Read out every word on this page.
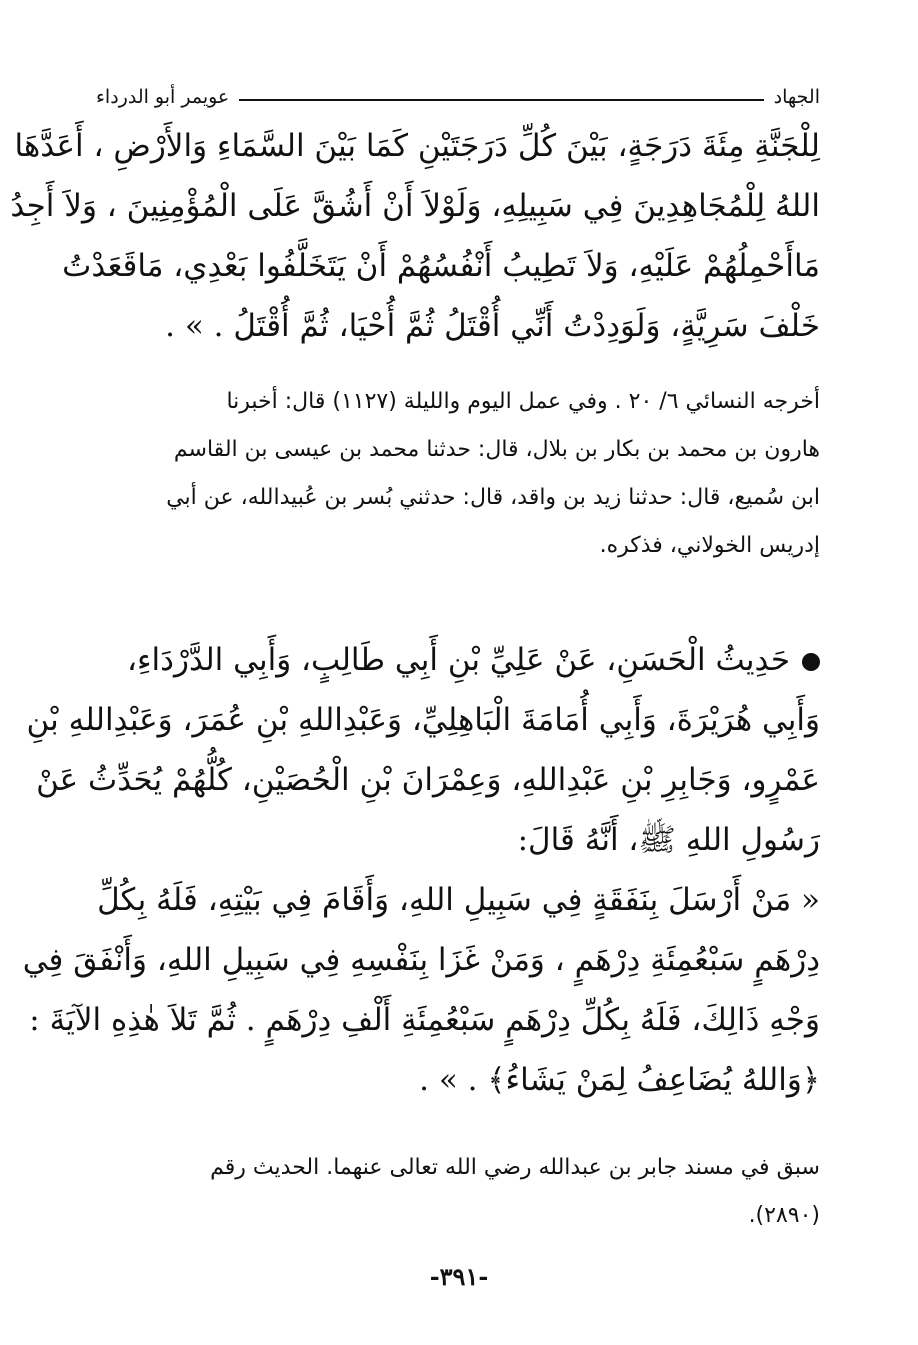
الجهاد
عويمر أبو الدرداء
لِلْجَنَّةِ مِئَةَ دَرَجَةٍ، بَيْنَ كُلِّ دَرَجَتَيْنِ كَمَا بَيْنَ السَّمَاءِ وَالأَرْضِ ، أَعَدَّهَا
اللهُ لِلْمُجَاهِدِينَ فِي سَبِيلِهِ، وَلَوْلاَ أَنْ أَشُقَّ عَلَى الْمُؤْمِنِينَ ، وَلاَ أَجِدُ
مَاأَحْمِلُهُمْ عَلَيْهِ، وَلاَ تَطِيبُ أَنْفُسُهُمْ أَنْ يَتَخَلَّفُوا بَعْدِي، مَاقَعَدْتُ
خَلْفَ سَرِيَّةٍ، وَلَوَدِدْتُ أَنِّي أُقْتَلُ ثُمَّ أُحْيَا، ثُمَّ أُقْتَلُ . » .
أخرجه النسائي ٦/ ٢٠ . وفي عمل اليوم والليلة (١١٢٧) قال: أخبرنا
هارون بن محمد بن بكار بن بلال، قال: حدثنا محمد بن عيسى بن القاسم
ابن سُميع، قال: حدثنا زيد بن واقد، قال: حدثني بُسر بن عُبيدالله، عن أبي
إدريس الخولاني، فذكره.
حَدِيثُ الْحَسَنِ، عَنْ عَلِيِّ بْنِ أَبِي طَالِبٍ، وَأَبِي الدَّرْدَاءِ،
وَأَبِي هُرَيْرَةَ، وَأَبِي أُمَامَةَ الْبَاهِلِيِّ، وَعَبْدِاللهِ بْنِ عُمَرَ، وَعَبْدِاللهِ بْنِ
عَمْرٍو، وَجَابِرِ بْنِ عَبْدِاللهِ، وَعِمْرَانَ بْنِ الْحُصَيْنِ، كُلُّهُمْ يُحَدِّثُ عَنْ
رَسُولِ اللهِ ﷺ، أَنَّهُ قَالَ:
« مَنْ أَرْسَلَ بِنَفَقَةٍ فِي سَبِيلِ اللهِ، وَأَقَامَ فِي بَيْتِهِ، فَلَهُ بِكُلِّ
دِرْهَمٍ سَبْعُمِئَةِ دِرْهَمٍ ، وَمَنْ غَزَا بِنَفْسِهِ فِي سَبِيلِ اللهِ، وَأَنْفَقَ فِي
وَجْهِ ذَالِكَ، فَلَهُ بِكُلِّ دِرْهَمٍ سَبْعُمِئَةِ أَلْفِ دِرْهَمٍ . ثُمَّ تَلاَ هٰذِهِ الآيَةَ :
﴿وَاللهُ يُضَاعِفُ لِمَنْ يَشَاءُ﴾ . » .
سبق في مسند جابر بن عبدالله رضي الله تعالى عنهما. الحديث رقم
(٢٨٩٠).
-٣٩١-
